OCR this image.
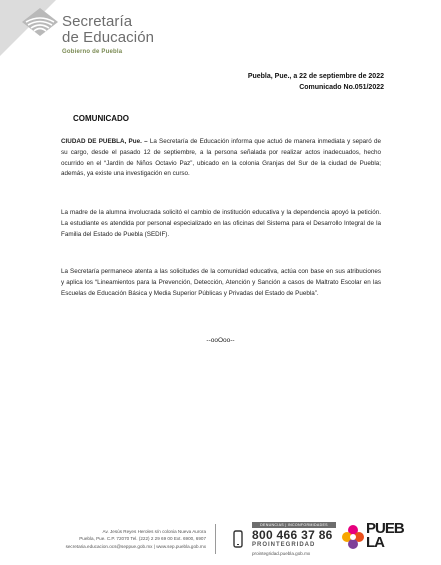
Secretaría
de Educación
Gobierno de Puebla
Puebla, Pue., a 22 de septiembre de 2022
Comunicado No.051/2022
COMUNICADO

CIUDAD DE PUEBLA, Pue. – La Secretaría de Educación informa que actuó de manera inmediata y separó de su cargo, desde el pasado 12 de septiembre, a la persona señalada por realizar actos inadecuados, hecho ocurrido en el “Jardín de Niños Octavio Paz”, ubicado en la colonia Granjas del Sur de la ciudad de Puebla; además, ya existe una investigación en curso.

La madre de la alumna involucrada solicitó el cambio de institución educativa y la dependencia apoyó la petición. La estudiante es atendida por personal especializado en las oficinas del Sistema para el Desarrollo Integral de la Familia del Estado de Puebla (SEDIF).

La Secretaría permanece atenta a las solicitudes de la comunidad educativa, actúa con base en sus atribuciones y aplica los “Lineamientos para la Prevención, Detección, Atención y Sanción a casos de Maltrato Escolar en las Escuelas de Educación Básica y Media Superior Públicas y Privadas del Estado de Puebla”.

--ooOoo--
Av. Jesús Reyes Heroles s/n colonia Nueva Aurora
Puebla, Pue. C.P. 72070 Tel. (222) 2 29 69 00 Ext. 6900, 6907
secretaria.educacion.ocs@seppue.gob.mx | www.sep.puebla.gob.mx
DENUNCIAS | INCONFORMIDADES
800 466 37 86
PROINTEGRIDAD
prointegridad.puebla.gob.mx
PUEBLA
